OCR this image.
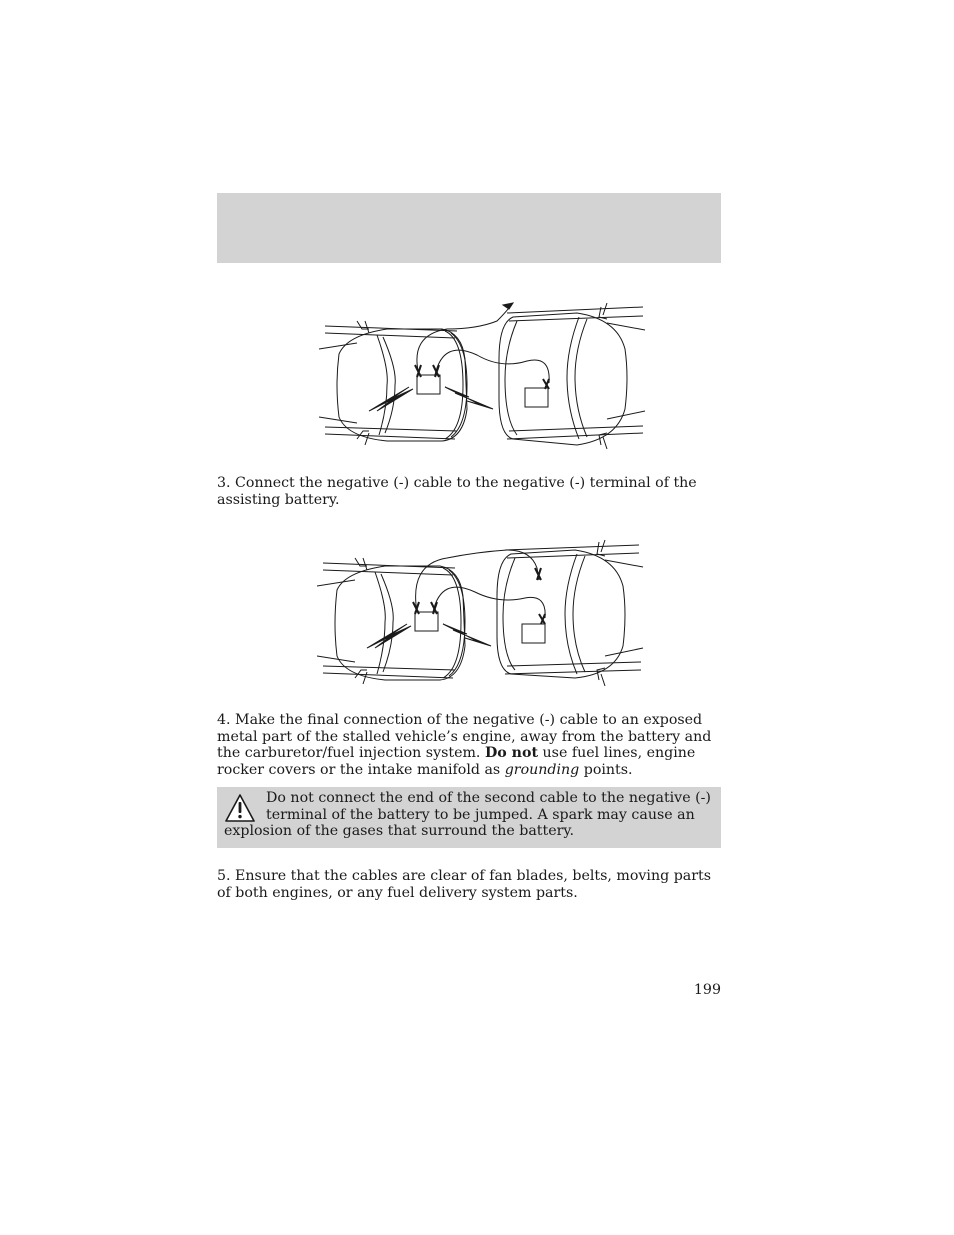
3. Connect the negative (-) cable to the negative (-) terminal of the assisting battery.

4. Make the final connection of the negative (-) cable to an exposed metal part of the stalled vehicle’s engine, away from the battery and the carburetor/fuel injection system. Do not use fuel lines, engine rocker covers or the intake manifold as grounding points.

Do not connect the end of the second cable to the negative (-) terminal of the battery to be jumped. A spark may cause an explosion of the gases that surround the battery.

5. Ensure that the cables are clear of fan blades, belts, moving parts of both engines, or any fuel delivery system parts.

199
